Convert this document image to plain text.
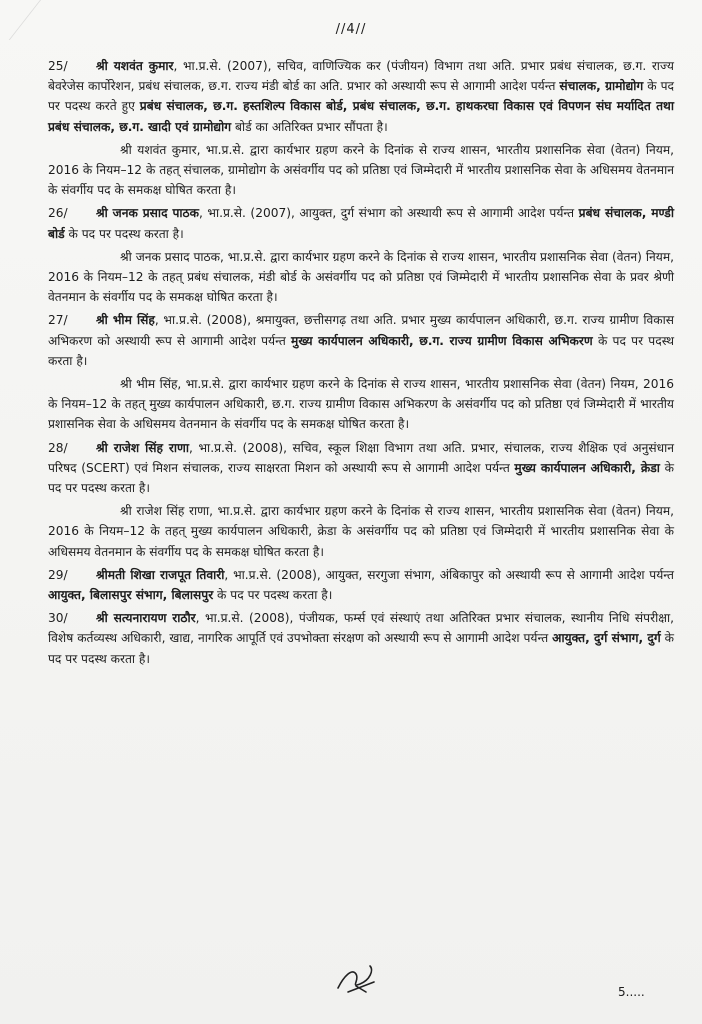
//4//

25/ श्री यशवंत कुमार, भा.प्र.से. (2007), सचिव, वाणिज्यिक कर (पंजीयन) विभाग तथा अति. प्रभार प्रबंध संचालक, छ.ग. राज्य बेवरेजेस कार्पोरेशन, प्रबंध संचालक, छ.ग. राज्य मंडी बोर्ड का अति. प्रभार को अस्थायी रूप से आगामी आदेश पर्यन्त संचालक, ग्रामोद्योग के पद पर पदस्थ करते हुए प्रबंध संचालक, छ.ग. हस्तशिल्प विकास बोर्ड, प्रबंध संचालक, छ.ग. हाथकरघा विकास एवं विपणन संघ मर्यादित तथा प्रबंध संचालक, छ.ग. खादी एवं ग्रामोद्योग बोर्ड का अतिरिक्त प्रभार सौंपता है।

श्री यशवंत कुमार, भा.प्र.से. द्वारा कार्यभार ग्रहण करने के दिनांक से राज्य शासन, भारतीय प्रशासनिक सेवा (वेतन) नियम, 2016 के नियम–12 के तहत् संचालक, ग्रामोद्योग के असंवर्गीय पद को प्रतिष्ठा एवं जिम्मेदारी में भारतीय प्रशासनिक सेवा के अधिसमय वेतनमान के संवर्गीय पद के समकक्ष घोषित करता है।

26/ श्री जनक प्रसाद पाठक, भा.प्र.से. (2007), आयुक्त, दुर्ग संभाग को अस्थायी रूप से आगामी आदेश पर्यन्त प्रबंध संचालक, मण्डी बोर्ड के पद पर पदस्थ करता है।

श्री जनक प्रसाद पाठक, भा.प्र.से. द्वारा कार्यभार ग्रहण करने के दिनांक से राज्य शासन, भारतीय प्रशासनिक सेवा (वेतन) नियम, 2016 के नियम–12 के तहत् प्रबंध संचालक, मंडी बोर्ड के असंवर्गीय पद को प्रतिष्ठा एवं जिम्मेदारी में भारतीय प्रशासनिक सेवा के प्रवर श्रेणी वेतनमान के संवर्गीय पद के समकक्ष घोषित करता है।

27/ श्री भीम सिंह, भा.प्र.से. (2008), श्रमायुक्त, छत्तीसगढ़ तथा अति. प्रभार मुख्य कार्यपालन अधिकारी, छ.ग. राज्य ग्रामीण विकास अभिकरण को अस्थायी रूप से आगामी आदेश पर्यन्त मुख्य कार्यपालन अधिकारी, छ.ग. राज्य ग्रामीण विकास अभिकरण के पद पर पदस्थ करता है।

श्री भीम सिंह, भा.प्र.से. द्वारा कार्यभार ग्रहण करने के दिनांक से राज्य शासन, भारतीय प्रशासनिक सेवा (वेतन) नियम, 2016 के नियम–12 के तहत् मुख्य कार्यपालन अधिकारी, छ.ग. राज्य ग्रामीण विकास अभिकरण के असंवर्गीय पद को प्रतिष्ठा एवं जिम्मेदारी में भारतीय प्रशासनिक सेवा के अधिसमय वेतनमान के संवर्गीय पद के समकक्ष घोषित करता है।

28/ श्री राजेश सिंह राणा, भा.प्र.से. (2008), सचिव, स्कूल शिक्षा विभाग तथा अति. प्रभार, संचालक, राज्य शैक्षिक एवं अनुसंधान परिषद (SCERT) एवं मिशन संचालक, राज्य साक्षरता मिशन को अस्थायी रूप से आगामी आदेश पर्यन्त मुख्य कार्यपालन अधिकारी, क्रेडा के पद पर पदस्थ करता है।

श्री राजेश सिंह राणा, भा.प्र.से. द्वारा कार्यभार ग्रहण करने के दिनांक से राज्य शासन, भारतीय प्रशासनिक सेवा (वेतन) नियम, 2016 के नियम–12 के तहत् मुख्य कार्यपालन अधिकारी, क्रेडा के असंवर्गीय पद को प्रतिष्ठा एवं जिम्मेदारी में भारतीय प्रशासनिक सेवा के अधिसमय वेतनमान के संवर्गीय पद के समकक्ष घोषित करता है।

29/ श्रीमती शिखा राजपूत तिवारी, भा.प्र.से. (2008), आयुक्त, सरगुजा संभाग, अंबिकापुर को अस्थायी रूप से आगामी आदेश पर्यन्त आयुक्त, बिलासपुर संभाग, बिलासपुर के पद पर पदस्थ करता है।

30/ श्री सत्यनारायण राठौर, भा.प्र.से. (2008), पंजीयक, फर्म्स एवं संस्थाएं तथा अतिरिक्त प्रभार संचालक, स्थानीय निधि संपरीक्षा, विशेष कर्तव्यस्थ अधिकारी, खाद्य, नागरिक आपूर्ति एवं उपभोक्ता संरक्षण को अस्थायी रूप से आगामी आदेश पर्यन्त आयुक्त, दुर्ग संभाग, दुर्ग के पद पर पदस्थ करता है।

5.....
